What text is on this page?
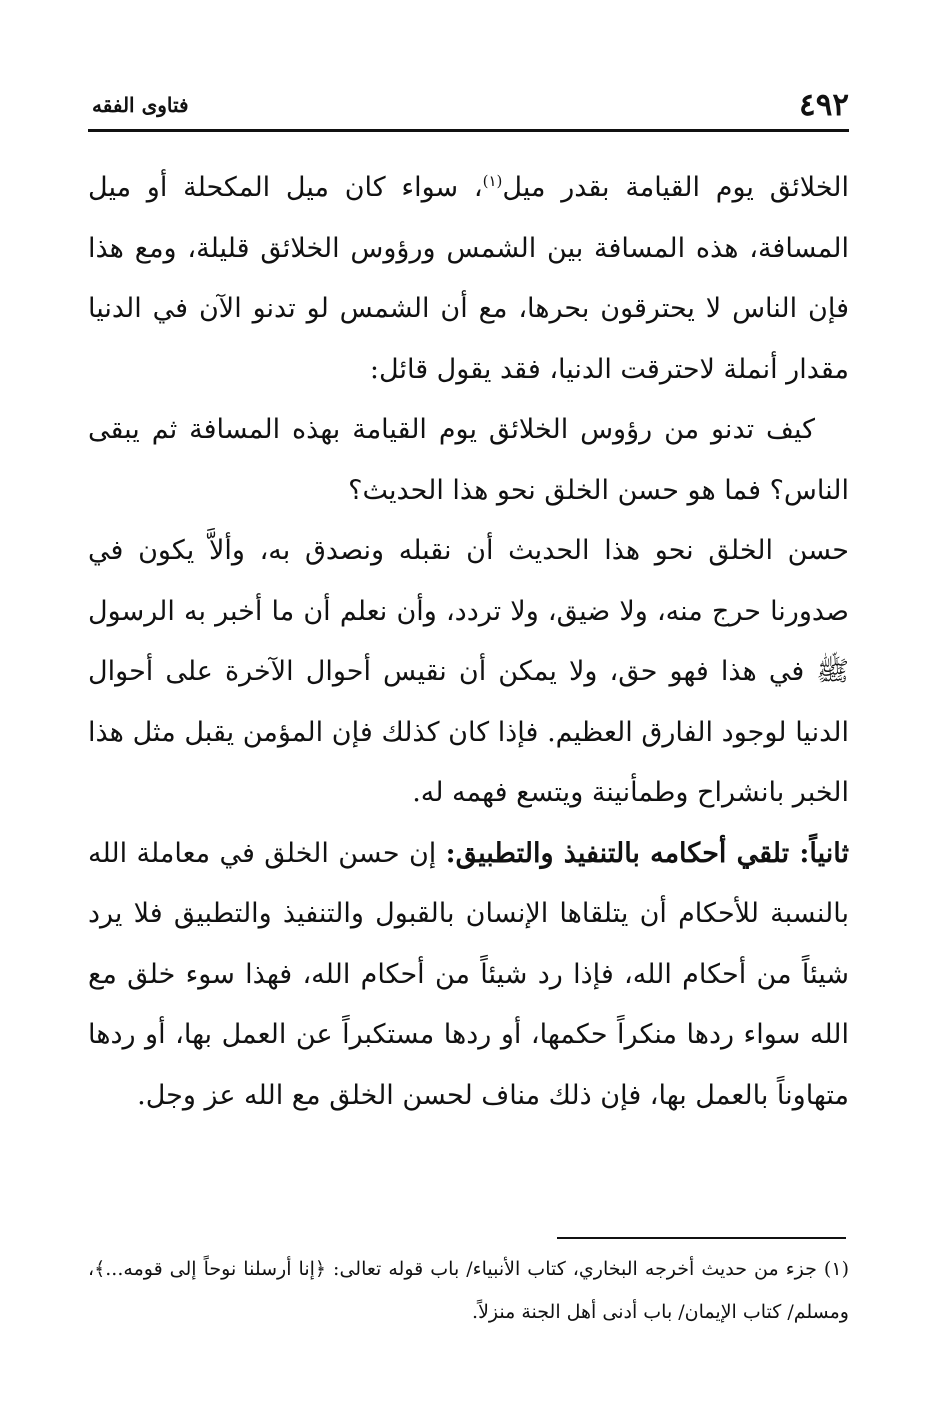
٤٩٢
فتاوى الفقه

الخلائق يوم القيامة بقدر ميل$^{(١)}$، سواء كان ميل المكحلة أو ميل المسافة، هذه المسافة بين الشمس ورؤوس الخلائق قليلة، ومع هذا فإن الناس لا يحترقون بحرها، مع أن الشمس لو تدنو الآن في الدنيا مقدار أنملة لاحترقت الدنيا، فقد يقول قائل:

كيف تدنو من رؤوس الخلائق يوم القيامة بهذه المسافة ثم يبقى الناس؟ فما هو حسن الخلق نحو هذا الحديث؟

حسن الخلق نحو هذا الحديث أن نقبله ونصدق به، وألاَّ يكون في صدورنا حرج منه، ولا ضيق، ولا تردد، وأن نعلم أن ما أخبر به الرسول ﷺ في هذا فهو حق، ولا يمكن أن نقيس أحوال الآخرة على أحوال الدنيا لوجود الفارق العظيم. فإذا كان كذلك فإن المؤمن يقبل مثل هذا الخبر بانشراح وطمأنينة ويتسع فهمه له.

ثانياً: تلقي أحكامه بالتنفيذ والتطبيق: إن حسن الخلق في معاملة الله بالنسبة للأحكام أن يتلقاها الإنسان بالقبول والتنفيذ والتطبيق فلا يرد شيئاً من أحكام الله، فإذا رد شيئاً من أحكام الله، فهذا سوء خلق مع الله سواء ردها منكراً حكمها، أو ردها مستكبراً عن العمل بها، أو ردها متهاوناً بالعمل بها، فإن ذلك مناف لحسن الخلق مع الله عز وجل.

(١) جزء من حديث أخرجه البخاري، كتاب الأنبياء/ باب قوله تعالى: ﴿إنا أرسلنا نوحاً إلى قومه...﴾، ومسلم/ كتاب الإيمان/ باب أدنى أهل الجنة منزلاً.
